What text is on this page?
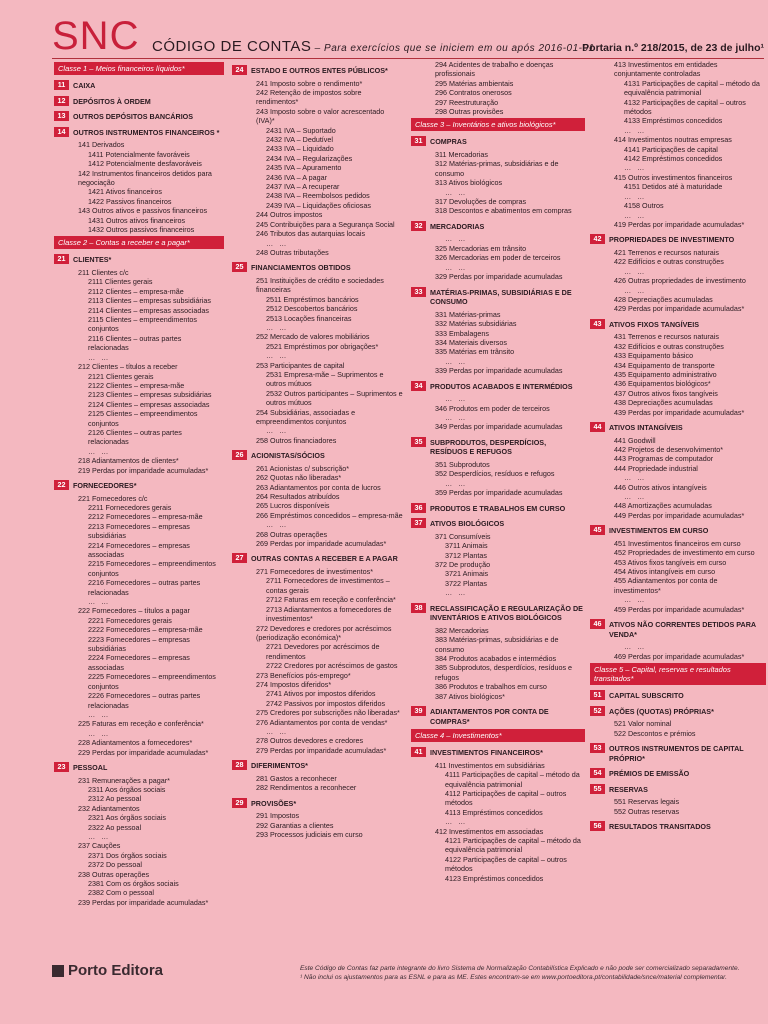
SNC CÓDIGO DE CONTAS – Para exercícios que se iniciem em ou após 2016-01-01
Portaria n.º 218/2015, de 23 de julho¹
Classe 1 – Meios financeiros líquidos*
11	CAIXA
12	DEPÓSITOS À ORDEM
13	OUTROS DEPÓSITOS BANCÁRIOS
14	OUTROS INSTRUMENTOS FINANCEIROS *
141 Derivados
1411 Potencialmente favoráveis
1412 Potencialmente desfavoráveis
142 Instrumentos financeiros detidos para negociação
1421 Ativos financeiros
1422 Passivos financeiros
143 Outros ativos e passivos financeiros
1431 Outros ativos financeiros
1432 Outros passivos financeiros
Classe 2 – Contas a receber e a pagar*
21	CLIENTES*
211 Clientes c/c
2111 Clientes gerais
2112 Clientes – empresa-mãe
2113 Clientes – empresas subsidiárias
2114 Clientes – empresas associadas
2115 Clientes – empreendimentos conjuntos
2116 Clientes – outras partes relacionadas
… …
212 Clientes – títulos a receber
2121 Clientes gerais
2122 Clientes – empresa-mãe
2123 Clientes – empresas subsidiárias
2124 Clientes – empresas associadas
2125 Clientes – empreendimentos conjuntos
2126 Clientes – outras partes relacionadas
… …
218 Adiantamentos de clientes*
219 Perdas por imparidade acumuladas*
22	FORNECEDORES*
221 Fornecedores c/c
2211 Fornecedores gerais
2212 Fornecedores – empresa-mãe
2213 Fornecedores – empresas subsidiárias
2214 Fornecedores – empresas associadas
2215 Fornecedores – empreendimentos conjuntos
2216 Fornecedores – outras partes relacionadas
… …
222 Fornecedores – títulos a pagar
2221 Fornecedores gerais
2222 Fornecedores – empresa-mãe
2223 Fornecedores – empresas subsidiárias
2224 Fornecedores – empresas associadas
2225 Fornecedores – empreendimentos conjuntos
2226 Fornecedores – outras partes relacionadas
… …
225 Faturas em receção e conferência*
… …
228 Adiantamentos a fornecedores*
229 Perdas por imparidade acumuladas*
23	PESSOAL
231 Remunerações a pagar*
2311 Aos órgãos sociais
2312 Ao pessoal
232 Adiantamentos
2321 Aos órgãos sociais
2322 Ao pessoal
… …
237 Cauções
2371 Dos órgãos sociais
2372 Do pessoal
238 Outras operações
2381 Com os órgãos sociais
2382 Com o pessoal
239 Perdas por imparidade acumuladas*
24	ESTADO E OUTROS ENTES PÚBLICOS*
241 Imposto sobre o rendimento*
242 Retenção de impostos sobre rendimentos*
243 Imposto sobre o valor acrescentado (IVA)*
2431 IVA – Suportado
2432 IVA – Dedutível
2433 IVA – Liquidado
2434 IVA – Regularizações
2435 IVA – Apuramento
2436 IVA – A pagar
2437 IVA – A recuperar
2438 IVA – Reembolsos pedidos
2439 IVA – Liquidações oficiosas
244 Outros impostos
245 Contribuições para a Segurança Social
246 Tributos das autarquias locais
… …
248 Outras tributações
25	FINANCIAMENTOS OBTIDOS
251 Instituições de crédito e sociedades financeiras
2511 Empréstimos bancários
2512 Descobertos bancários
2513 Locações financeiras
… …
252 Mercado de valores mobiliários
2521 Empréstimos por obrigações*
… …
253 Participantes de capital
2531 Empresa-mãe – Suprimentos e outros mútuos
2532 Outros participantes – Suprimentos e outros mútuos
254 Subsidiárias, associadas e empreendimentos conjuntos
… …
258 Outros financiadores
26	ACIONISTAS/SÓCIOS
261 Acionistas c/ subscrição*
262 Quotas não liberadas*
263 Adiantamentos por conta de lucros
264 Resultados atribuídos
265 Lucros disponíveis
266 Empréstimos concedidos – empresa-mãe
… …
268 Outras operações
269 Perdas por imparidade acumuladas*
27	OUTRAS CONTAS A RECEBER E A PAGAR
271 Fornecedores de investimentos*
2711 Fornecedores de investimentos – contas gerais
2712 Faturas em receção e conferência*
2713 Adiantamentos a fornecedores de investimentos*
272 Devedores e credores por acréscimos (periodização económica)*
2721 Devedores por acréscimos de rendimentos
2722 Credores por acréscimos de gastos
273 Benefícios pós-emprego*
274 Impostos diferidos*
2741 Ativos por impostos diferidos
2742 Passivos por impostos diferidos
275 Credores por subscrições não liberadas*
276 Adiantamentos por conta de vendas*
… …
278 Outros devedores e credores
279 Perdas por imparidade acumuladas*
28	DIFERIMENTOS*
281 Gastos a reconhecer
282 Rendimentos a reconhecer
29	PROVISÕES*
291 Impostos
292 Garantias a clientes
293 Processos judiciais em curso
294 Acidentes de trabalho e doenças profissionais
295 Matérias ambientais
296 Contratos onerosos
297 Reestruturação
298 Outras provisões
Classe 3 – Inventários e ativos biológicos*
31	COMPRAS
311 Mercadorias
312 Matérias-primas, subsidiárias e de consumo
313 Ativos biológicos
… …
317 Devoluções de compras
318 Descontos e abatimentos em compras
32	MERCADORIAS
… …
325 Mercadorias em trânsito
326 Mercadorias em poder de terceiros
… …
329 Perdas por imparidade acumuladas
33	MATÉRIAS-PRIMAS, SUBSIDIÁRIAS E DE CONSUMO
331 Matérias-primas
332 Matérias subsidiárias
333 Embalagens
334 Materiais diversos
335 Matérias em trânsito
… …
339 Perdas por imparidade acumuladas
34	PRODUTOS ACABADOS E INTERMÉDIOS
… …
346 Produtos em poder de terceiros
… …
349 Perdas por imparidade acumuladas
35	SUBPRODUTOS, DESPERDÍCIOS, RESÍDUOS E REFUGOS
351 Subprodutos
352 Desperdícios, resíduos e refugos
… …
359 Perdas por imparidade acumuladas
36	PRODUTOS E TRABALHOS EM CURSO
37	ATIVOS BIOLÓGICOS
371 Consumíveis
3711 Animais
3712 Plantas
372 De produção
3721 Animais
3722 Plantas
… …
38	RECLASSIFICAÇÃO E REGULARIZAÇÃO DE INVENTÁRIOS E ATIVOS BIOLÓGICOS
382 Mercadorias
383 Matérias-primas, subsidiárias e de consumo
384 Produtos acabados e intermédios
385 Subprodutos, desperdícios, resíduos e refugos
386 Produtos e trabalhos em curso
387 Ativos biológicos*
39	ADIANTAMENTOS POR CONTA DE COMPRAS*
Classe 4 – Investimentos*
41	INVESTIMENTOS FINANCEIROS*
411 Investimentos em subsidiárias
4111 Participações de capital – método da equivalência patrimonial
4112 Participações de capital – outros métodos
4113 Empréstimos concedidos
… …
412 Investimentos em associadas
4121 Participações de capital – método da equivalência patrimonial
4122 Participações de capital – outros métodos
4123 Empréstimos concedidos
413 Investimentos em entidades conjuntamente controladas
4131 Participações de capital – método da equivalência patrimonial
4132 Participações de capital – outros métodos
4133 Empréstimos concedidos
… …
414 Investimentos noutras empresas
4141 Participações de capital
4142 Empréstimos concedidos
… …
415 Outros investimentos financeiros
4151 Detidos até à maturidade
… …
4158 Outros
… …
419 Perdas por imparidade acumuladas*
42	PROPRIEDADES DE INVESTIMENTO
421 Terrenos e recursos naturais
422 Edifícios e outras construções
… …
426 Outras propriedades de investimento
… …
428 Depreciações acumuladas
429 Perdas por imparidade acumuladas*
43	ATIVOS FIXOS TANGÍVEIS
431 Terrenos e recursos naturais
432 Edifícios e outras construções
433 Equipamento básico
434 Equipamento de transporte
435 Equipamento administrativo
436 Equipamentos biológicos*
437 Outros ativos fixos tangíveis
438 Depreciações acumuladas
439 Perdas por imparidade acumuladas*
44	ATIVOS INTANGÍVEIS
441 Goodwill
442 Projetos de desenvolvimento*
443 Programas de computador
444 Propriedade industrial
… …
446 Outros ativos intangíveis
… …
448 Amortizações acumuladas
449 Perdas por imparidade acumuladas*
45	INVESTIMENTOS EM CURSO
451 Investimentos financeiros em curso
452 Propriedades de investimento em curso
453 Ativos fixos tangíveis em curso
454 Ativos intangíveis em curso
455 Adiantamentos por conta de investimentos*
… …
459 Perdas por imparidade acumuladas*
46	ATIVOS NÃO CORRENTES DETIDOS PARA VENDA*
… …
469 Perdas por imparidade acumuladas*
Classe 5 – Capital, reservas e resultados transitados*
51	CAPITAL SUBSCRITO
52	AÇÕES (QUOTAS) PRÓPRIAS*
521 Valor nominal
522 Descontos e prémios
53	OUTROS INSTRUMENTOS DE CAPITAL PRÓPRIO*
54	PRÉMIOS DE EMISSÃO
55	RESERVAS
551 Reservas legais
552 Outras reservas
56	RESULTADOS TRANSITADOS
Porto Editora	Este Código de Contas faz parte integrante do livro Sistema de Normalização Contabilística Explicado e não pode ser comercializado separadamente.
¹ Não inclui os ajustamentos para as ESNL e para as ME. Estes encontram-se em www.portoeditora.pt/contabilidade/snce/material complementar.
